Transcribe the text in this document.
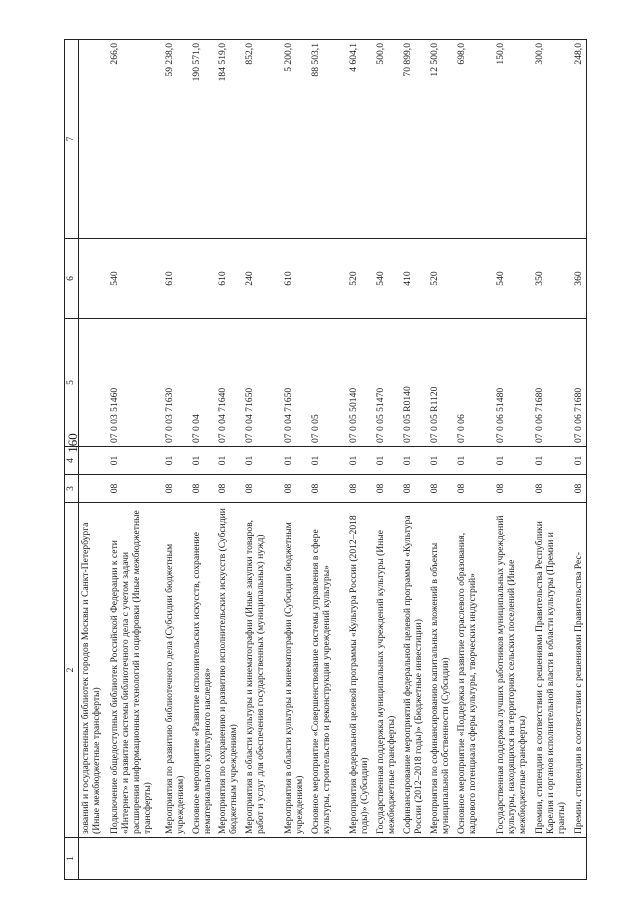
160
1	2	3	4	5	6	7
	зований и государственных библиотек городов Москвы и Санкт-Петербурга (Иные межбюджетные трансферты)					
	Подключение общедоступных библиотек Российской Федерации к сети «Интернет» и развитие системы библиотечного дела с учетом задачи расширения информационных технологий и оцифровки (Иные межбюджетные трансферты)	08	01	07 0 03 51460	540	266,0
	Мероприятия по развитию библиотечного дела (Субсидии бюджетным учреждениям)	08	01	07 0 03 71630	610	59 238,0
	Основное мероприятие «Развитие исполнительских искусств, сохранение нематериального культурного наследия»	08	01	07 0 04		190 571,0
	Мероприятия по сохранению и развитию исполнительских искусств (Субсидии бюджетным учреждениям)	08	01	07 0 04 71640	610	184 519,0
	Мероприятия в области культуры и кинематографии (Иные закупки товаров, работ и услуг для обеспечения государственных (муниципальных) нужд)	08	01	07 0 04 71650	240	852,0
	Мероприятия в области культуры и кинематографии (Субсидии бюджетным учреждениям)	08	01	07 0 04 71650	610	5 200,0
	Основное мероприятие «Совершенствование системы управления в сфере культуры, строительство и реконструкция учреждений культуры»	08	01	07 0 05		88 503,1
	Мероприятия федеральной целевой программы «Культура России (2012–2018 годы)» (Субсидии)	08	01	07 0 05 50140	520	4 604,1
	Государственная поддержка муниципальных учреждений культуры (Иные межбюджетные трансферты)	08	01	07 0 05 51470	540	500,0
	Софинансирование мероприятий федеральной целевой программы «Культура России (2012–2018 годы)» (Бюджетные инвестиции)	08	01	07 0 05 R0140	410	70 899,0
	Мероприятия по софинансированию капитальных вложений в объекты муниципальной собственности (Субсидии)	08	01	07 0 05 R1120	520	12 500,0
	Основное мероприятие «Поддержка и развитие отраслевого образования, кадрового потенциала сферы культуры, творческих индустрий»	08	01	07 0 06		698,0
	Государственная поддержка лучших работников муниципальных учреждений культуры, находящихся на территориях сельских поселений (Иные межбюджетные трансферты)	08	01	07 0 06 51480	540	150,0
	Премии, стипендии в соответствии с решениями Правительства Республики Карелия и органов исполнительной власти в области культуры (Премии и гранты)	08	01	07 0 06 71680	350	300,0
	Премии, стипендии в соответствии с решениями Правительства Рес-	08	01	07 0 06 71680	360	248,0
